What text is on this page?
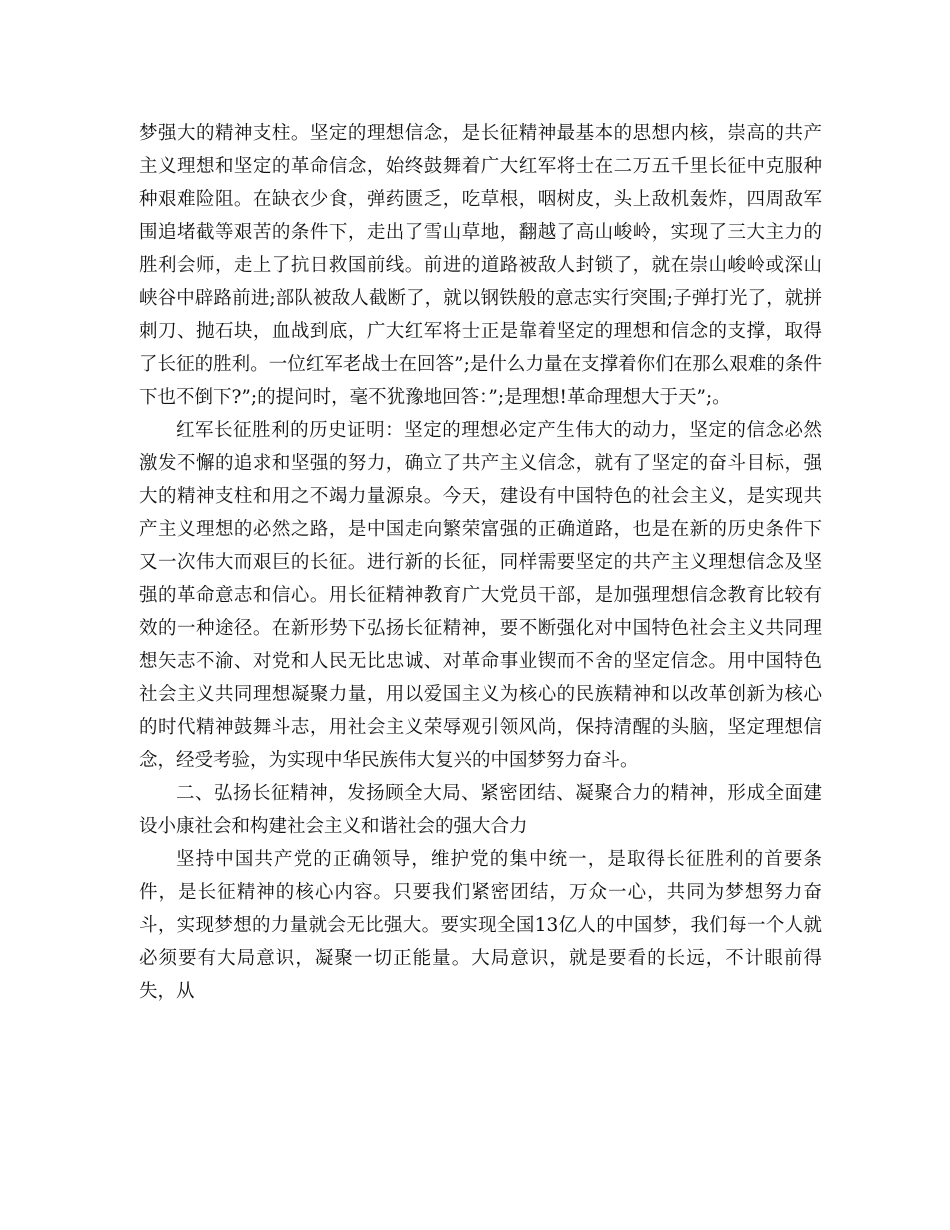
梦强大的精神支柱。坚定的理想信念，是长征精神最基本的思想内核，崇高的共产主义理想和坚定的革命信念，始终鼓舞着广大红军将士在二万五千里长征中克服种种艰难险阻。在缺衣少食，弹药匮乏，吃草根，咽树皮，头上敌机轰炸，四周敌军围追堵截等艰苦的条件下，走出了雪山草地，翻越了高山峻岭，实现了三大主力的胜利会师，走上了抗日救国前线。前进的道路被敌人封锁了，就在崇山峻岭或深山峡谷中辟路前进;部队被敌人截断了，就以钢铁般的意志实行突围;子弹打光了，就拼刺刀、抛石块，血战到底，广大红军将士正是靠着坚定的理想和信念的支撑，取得了长征的胜利。一位红军老战士在回答”;是什么力量在支撑着你们在那么艰难的条件下也不倒下?”;的提问时，毫不犹豫地回答：”;是理想!革命理想大于天”;。

红军长征胜利的历史证明：坚定的理想必定产生伟大的动力，坚定的信念必然激发不懈的追求和坚强的努力，确立了共产主义信念，就有了坚定的奋斗目标，强大的精神支柱和用之不竭力量源泉。今天，建设有中国特色的社会主义，是实现共产主义理想的必然之路，是中国走向繁荣富强的正确道路，也是在新的历史条件下又一次伟大而艰巨的长征。进行新的长征，同样需要坚定的共产主义理想信念及坚强的革命意志和信心。用长征精神教育广大党员干部，是加强理想信念教育比较有效的一种途径。在新形势下弘扬长征精神，要不断强化对中国特色社会主义共同理想矢志不渝、对党和人民无比忠诚、对革命事业锲而不舍的坚定信念。用中国特色社会主义共同理想凝聚力量，用以爱国主义为核心的民族精神和以改革创新为核心的时代精神鼓舞斗志，用社会主义荣辱观引领风尚，保持清醒的头脑，坚定理想信念，经受考验，为实现中华民族伟大复兴的中国梦努力奋斗。

二、弘扬长征精神，发扬顾全大局、紧密团结、凝聚合力的精神，形成全面建设小康社会和构建社会主义和谐社会的强大合力

坚持中国共产党的正确领导，维护党的集中统一，是取得长征胜利的首要条件，是长征精神的核心内容。只要我们紧密团结，万众一心，共同为梦想努力奋斗，实现梦想的力量就会无比强大。要实现全国13亿人的中国梦，我们每一个人就必须要有大局意识，凝聚一切正能量。大局意识，就是要看的长远，不计眼前得失，从
